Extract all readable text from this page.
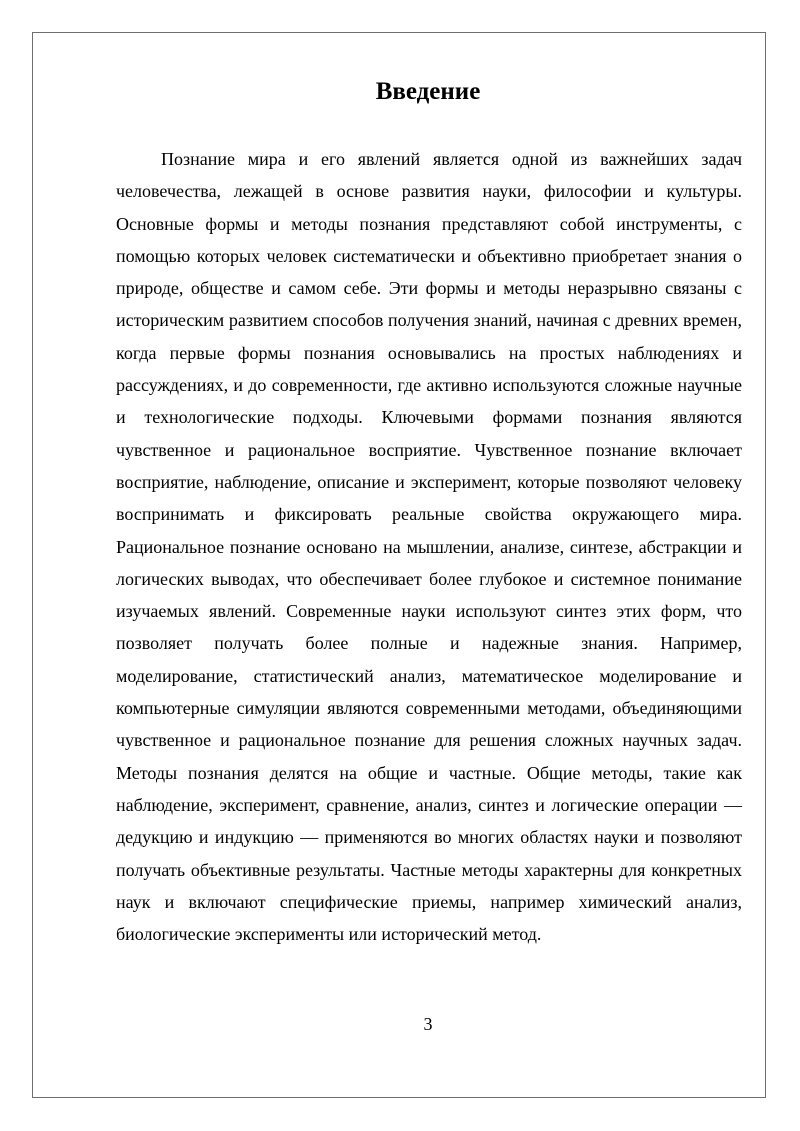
Введение

Познание мира и его явлений является одной из важнейших задач человечества, лежащей в основе развития науки, философии и культуры. Основные формы и методы познания представляют собой инструменты, с помощью которых человек систематически и объективно приобретает знания о природе, обществе и самом себе. Эти формы и методы неразрывно связаны с историческим развитием способов получения знаний, начиная с древних времен, когда первые формы познания основывались на простых наблюдениях и рассуждениях, и до современности, где активно используются сложные научные и технологические подходы. Ключевыми формами познания являются чувственное и рациональное восприятие. Чувственное познание включает восприятие, наблюдение, описание и эксперимент, которые позволяют человеку воспринимать и фиксировать реальные свойства окружающего мира. Рациональное познание основано на мышлении, анализе, синтезе, абстракции и логических выводах, что обеспечивает более глубокое и системное понимание изучаемых явлений. Современные науки используют синтез этих форм, что позволяет получать более полные и надежные знания. Например, моделирование, статистический анализ, математическое моделирование и компьютерные симуляции являются современными методами, объединяющими чувственное и рациональное познание для решения сложных научных задач. Методы познания делятся на общие и частные. Общие методы, такие как наблюдение, эксперимент, сравнение, анализ, синтез и логические операции — дедукцию и индукцию — применяются во многих областях науки и позволяют получать объективные результаты. Частные методы характерны для конкретных наук и включают специфические приемы, например химический анализ, биологические эксперименты или исторический метод.

3
